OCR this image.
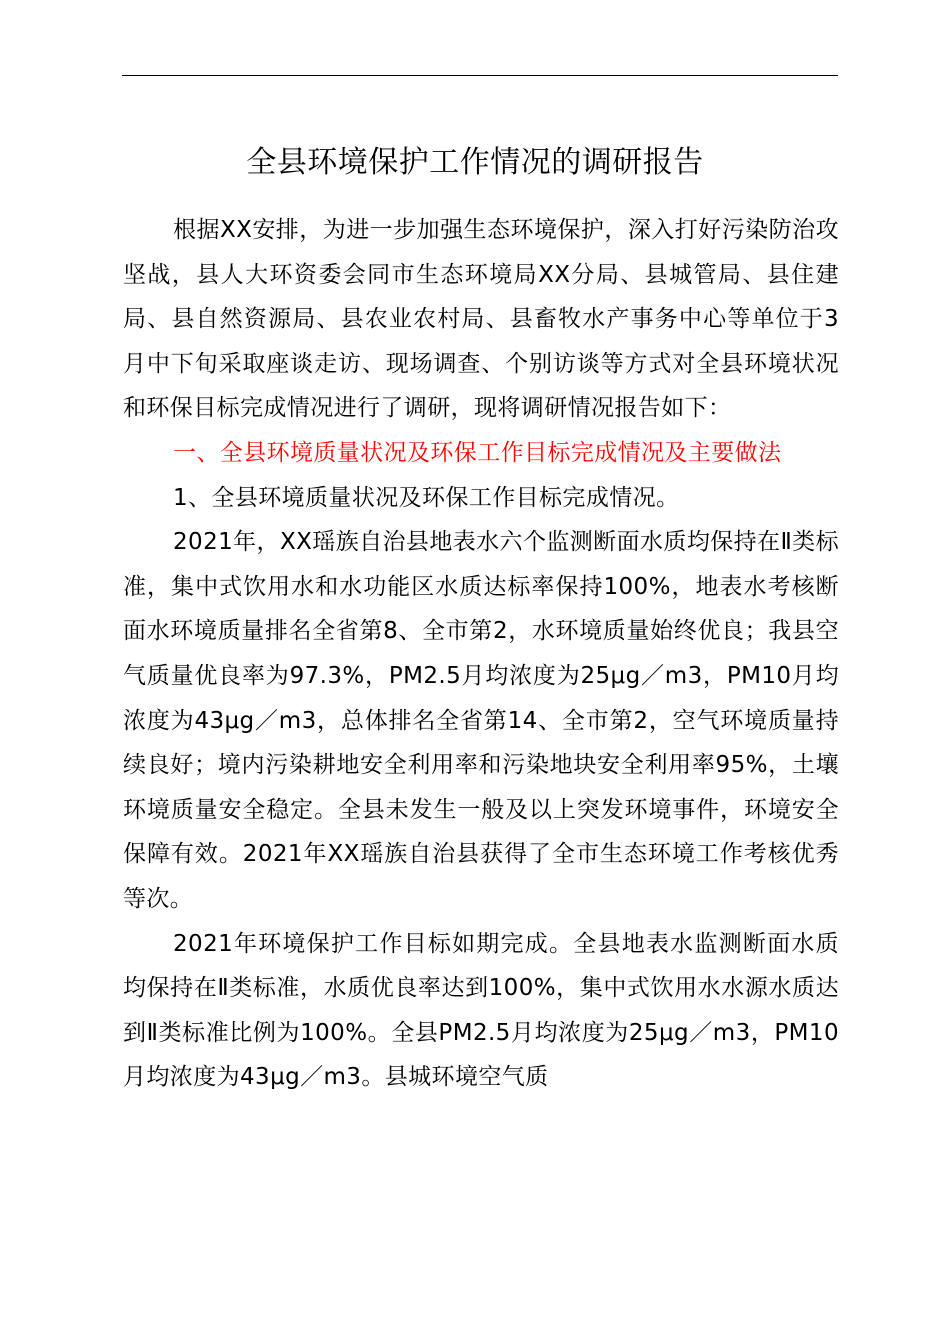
全县环境保护工作情况的调研报告

根据XX安排，为进一步加强生态环境保护，深入打好污染防治攻坚战，县人大环资委会同市生态环境局XX分局、县城管局、县住建局、县自然资源局、县农业农村局、县畜牧水产事务中心等单位于3月中下旬采取座谈走访、现场调查、个别访谈等方式对全县环境状况和环保目标完成情况进行了调研，现将调研情况报告如下：

一、全县环境质量状况及环保工作目标完成情况及主要做法

1、全县环境质量状况及环保工作目标完成情况。

2021年，XX瑶族自治县地表水六个监测断面水质均保持在Ⅱ类标准，集中式饮用水和水功能区水质达标率保持100%，地表水考核断面水环境质量排名全省第8、全市第2，水环境质量始终优良；我县空气质量优良率为97.3%，PM2.5月均浓度为25μg／m3，PM10月均浓度为43μg／m3，总体排名全省第14、全市第2，空气环境质量持续良好；境内污染耕地安全利用率和污染地块安全利用率95%，土壤环境质量安全稳定。全县未发生一般及以上突发环境事件，环境安全保障有效。2021年XX瑶族自治县获得了全市生态环境工作考核优秀等次。

2021年环境保护工作目标如期完成。全县地表水监测断面水质均保持在Ⅱ类标准，水质优良率达到100%，集中式饮用水水源水质达到Ⅱ类标准比例为100%。全县PM2.5月均浓度为25μg／m3，PM10月均浓度为43μg／m3。县城环境空气质
